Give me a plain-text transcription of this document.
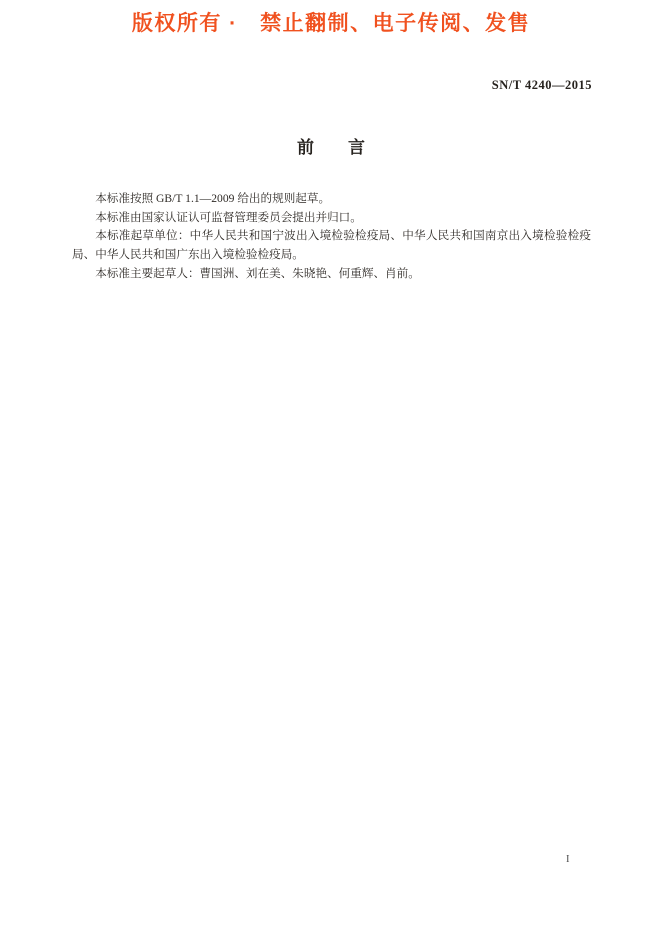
版权所有 ·　禁止翻制、电子传阅、发售
SN/T 4240—2015
前　　言

本标准按照 GB/T 1.1—2009 给出的规则起草。

本标准由国家认证认可监督管理委员会提出并归口。

本标准起草单位：中华人民共和国宁波出入境检验检疫局、中华人民共和国南京出入境检验检疫局、中华人民共和国广东出入境检验检疫局。

本标准主要起草人：曹国洲、刘在美、朱晓艳、何重辉、肖前。

I
